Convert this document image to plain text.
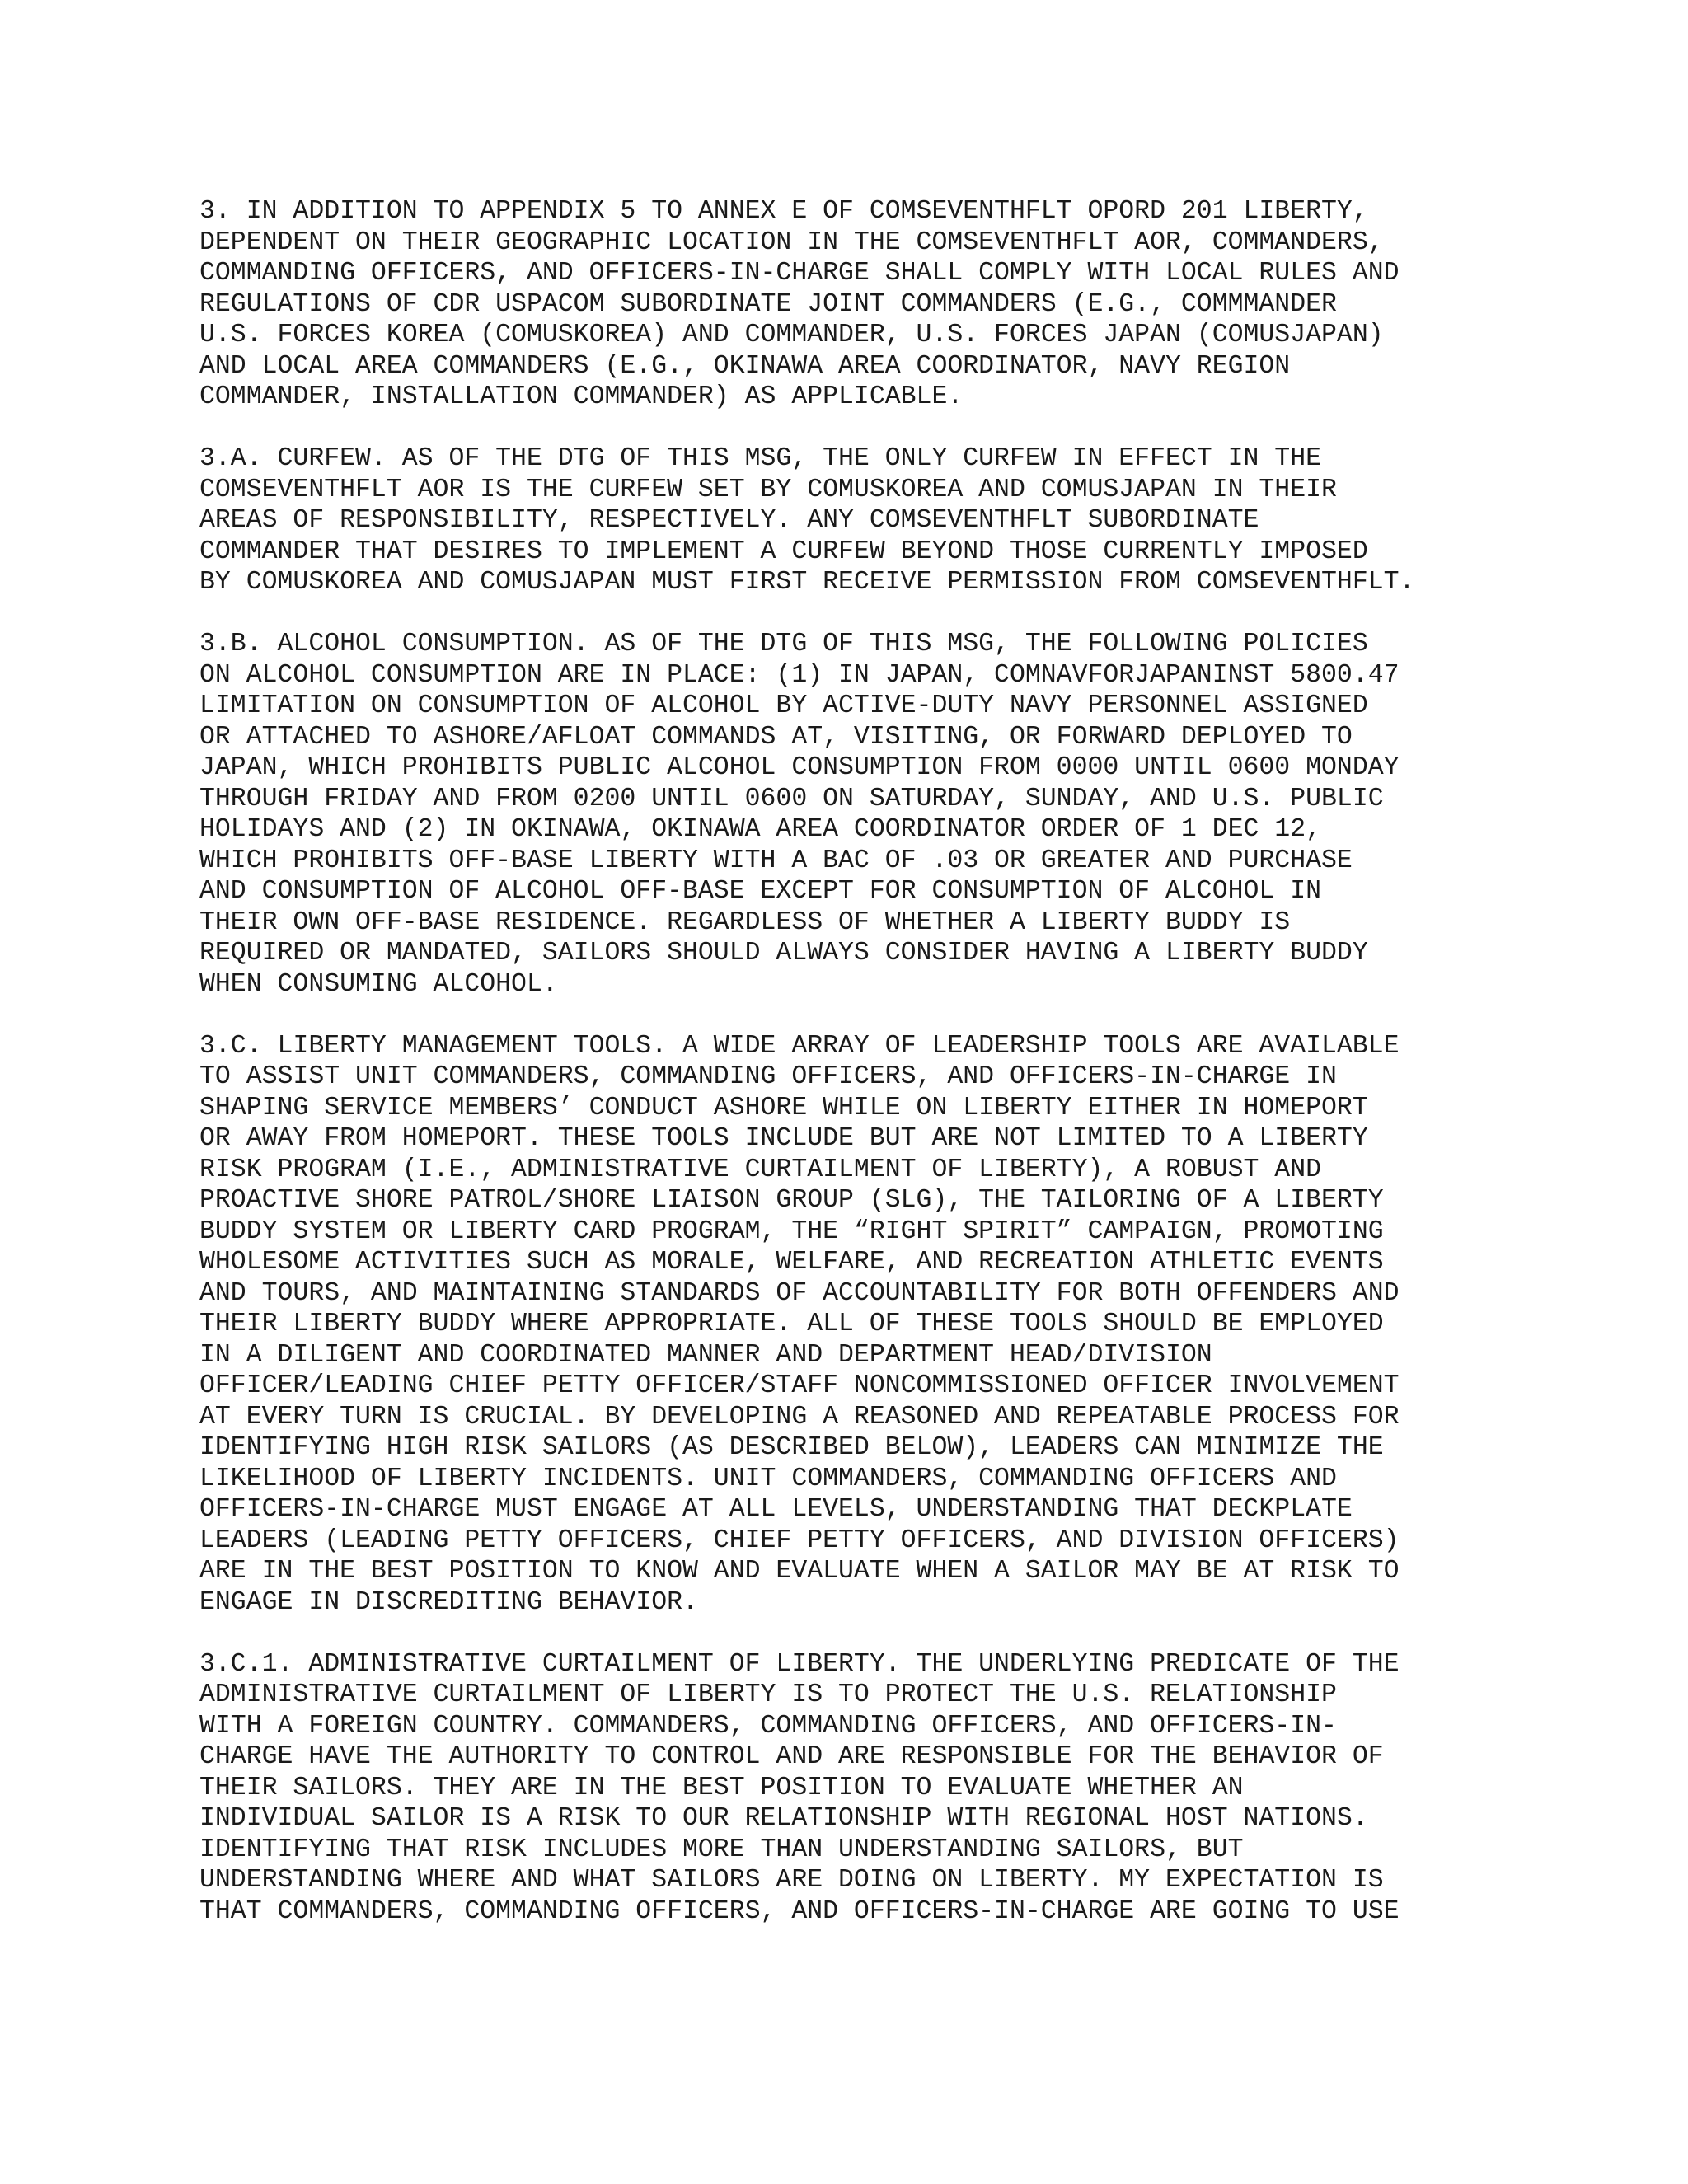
3. IN ADDITION TO APPENDIX 5 TO ANNEX E OF COMSEVENTHFLT OPORD 201 LIBERTY,
DEPENDENT ON THEIR GEOGRAPHIC LOCATION IN THE COMSEVENTHFLT AOR, COMMANDERS,
COMMANDING OFFICERS, AND OFFICERS-IN-CHARGE SHALL COMPLY WITH LOCAL RULES AND
REGULATIONS OF CDR USPACOM SUBORDINATE JOINT COMMANDERS (E.G., COMMMANDER
U.S. FORCES KOREA (COMUSKOREA) AND COMMANDER, U.S. FORCES JAPAN (COMUSJAPAN)
AND LOCAL AREA COMMANDERS (E.G., OKINAWA AREA COORDINATOR, NAVY REGION
COMMANDER, INSTALLATION COMMANDER) AS APPLICABLE.
3.A. CURFEW. AS OF THE DTG OF THIS MSG, THE ONLY CURFEW IN EFFECT IN THE
COMSEVENTHFLT AOR IS THE CURFEW SET BY COMUSKOREA AND COMUSJAPAN IN THEIR
AREAS OF RESPONSIBILITY, RESPECTIVELY. ANY COMSEVENTHFLT SUBORDINATE
COMMANDER THAT DESIRES TO IMPLEMENT A CURFEW BEYOND THOSE CURRENTLY IMPOSED
BY COMUSKOREA AND COMUSJAPAN MUST FIRST RECEIVE PERMISSION FROM COMSEVENTHFLT.
3.B. ALCOHOL CONSUMPTION. AS OF THE DTG OF THIS MSG, THE FOLLOWING POLICIES
ON ALCOHOL CONSUMPTION ARE IN PLACE: (1) IN JAPAN, COMNAVFORJAPANINST 5800.47
LIMITATION ON CONSUMPTION OF ALCOHOL BY ACTIVE-DUTY NAVY PERSONNEL ASSIGNED
OR ATTACHED TO ASHORE/AFLOAT COMMANDS AT, VISITING, OR FORWARD DEPLOYED TO
JAPAN, WHICH PROHIBITS PUBLIC ALCOHOL CONSUMPTION FROM 0000 UNTIL 0600 MONDAY
THROUGH FRIDAY AND FROM 0200 UNTIL 0600 ON SATURDAY, SUNDAY, AND U.S. PUBLIC
HOLIDAYS AND (2) IN OKINAWA, OKINAWA AREA COORDINATOR ORDER OF 1 DEC 12,
WHICH PROHIBITS OFF-BASE LIBERTY WITH A BAC OF .03 OR GREATER AND PURCHASE
AND CONSUMPTION OF ALCOHOL OFF-BASE EXCEPT FOR CONSUMPTION OF ALCOHOL IN
THEIR OWN OFF-BASE RESIDENCE. REGARDLESS OF WHETHER A LIBERTY BUDDY IS
REQUIRED OR MANDATED, SAILORS SHOULD ALWAYS CONSIDER HAVING A LIBERTY BUDDY
WHEN CONSUMING ALCOHOL.
3.C. LIBERTY MANAGEMENT TOOLS. A WIDE ARRAY OF LEADERSHIP TOOLS ARE AVAILABLE
TO ASSIST UNIT COMMANDERS, COMMANDING OFFICERS, AND OFFICERS-IN-CHARGE IN
SHAPING SERVICE MEMBERS’ CONDUCT ASHORE WHILE ON LIBERTY EITHER IN HOMEPORT
OR AWAY FROM HOMEPORT. THESE TOOLS INCLUDE BUT ARE NOT LIMITED TO A LIBERTY
RISK PROGRAM (I.E., ADMINISTRATIVE CURTAILMENT OF LIBERTY), A ROBUST AND
PROACTIVE SHORE PATROL/SHORE LIAISON GROUP (SLG), THE TAILORING OF A LIBERTY
BUDDY SYSTEM OR LIBERTY CARD PROGRAM, THE “RIGHT SPIRIT” CAMPAIGN, PROMOTING
WHOLESOME ACTIVITIES SUCH AS MORALE, WELFARE, AND RECREATION ATHLETIC EVENTS
AND TOURS, AND MAINTAINING STANDARDS OF ACCOUNTABILITY FOR BOTH OFFENDERS AND
THEIR LIBERTY BUDDY WHERE APPROPRIATE. ALL OF THESE TOOLS SHOULD BE EMPLOYED
IN A DILIGENT AND COORDINATED MANNER AND DEPARTMENT HEAD/DIVISION
OFFICER/LEADING CHIEF PETTY OFFICER/STAFF NONCOMMISSIONED OFFICER INVOLVEMENT
AT EVERY TURN IS CRUCIAL. BY DEVELOPING A REASONED AND REPEATABLE PROCESS FOR
IDENTIFYING HIGH RISK SAILORS (AS DESCRIBED BELOW), LEADERS CAN MINIMIZE THE
LIKELIHOOD OF LIBERTY INCIDENTS. UNIT COMMANDERS, COMMANDING OFFICERS AND
OFFICERS-IN-CHARGE MUST ENGAGE AT ALL LEVELS, UNDERSTANDING THAT DECKPLATE
LEADERS (LEADING PETTY OFFICERS, CHIEF PETTY OFFICERS, AND DIVISION OFFICERS)
ARE IN THE BEST POSITION TO KNOW AND EVALUATE WHEN A SAILOR MAY BE AT RISK TO
ENGAGE IN DISCREDITING BEHAVIOR.
3.C.1. ADMINISTRATIVE CURTAILMENT OF LIBERTY. THE UNDERLYING PREDICATE OF THE
ADMINISTRATIVE CURTAILMENT OF LIBERTY IS TO PROTECT THE U.S. RELATIONSHIP
WITH A FOREIGN COUNTRY. COMMANDERS, COMMANDING OFFICERS, AND OFFICERS-IN-
CHARGE HAVE THE AUTHORITY TO CONTROL AND ARE RESPONSIBLE FOR THE BEHAVIOR OF
THEIR SAILORS. THEY ARE IN THE BEST POSITION TO EVALUATE WHETHER AN
INDIVIDUAL SAILOR IS A RISK TO OUR RELATIONSHIP WITH REGIONAL HOST NATIONS.
IDENTIFYING THAT RISK INCLUDES MORE THAN UNDERSTANDING SAILORS, BUT
UNDERSTANDING WHERE AND WHAT SAILORS ARE DOING ON LIBERTY. MY EXPECTATION IS
THAT COMMANDERS, COMMANDING OFFICERS, AND OFFICERS-IN-CHARGE ARE GOING TO USE
